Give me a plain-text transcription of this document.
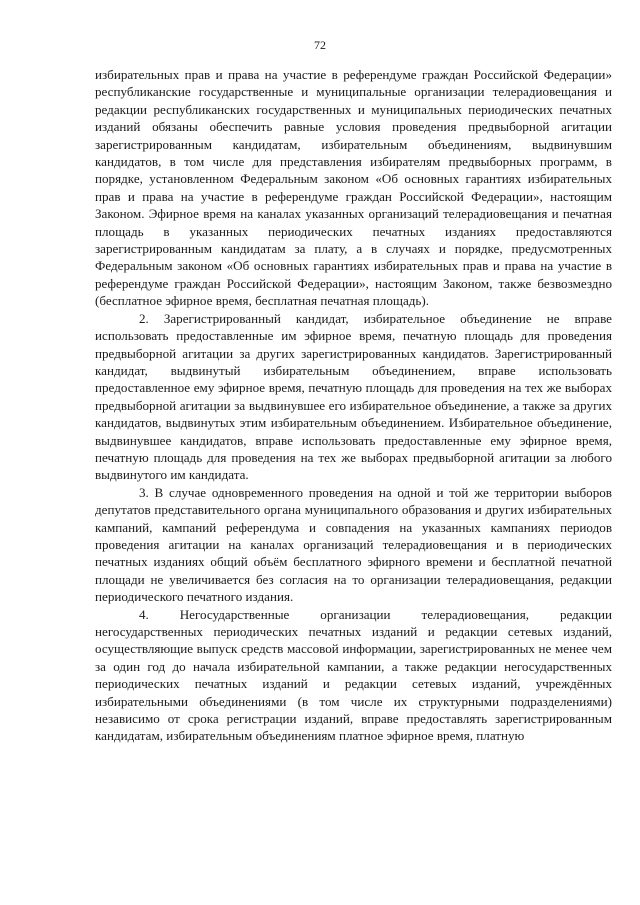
72

избирательных прав и права на участие в референдуме граждан Российской Федерации» республиканские государственные и муниципальные организации телерадиовещания и редакции республиканских государственных и муниципальных периодических печатных изданий обязаны обеспечить равные условия проведения предвыборной агитации зарегистрированным кандидатам, избирательным объединениям, выдвинувшим кандидатов, в том числе для представления избирателям предвыборных программ, в порядке, установленном Федеральным законом «Об основных гарантиях избирательных прав и права на участие в референдуме граждан Российской Федерации», настоящим Законом. Эфирное время на каналах указанных организаций телерадиовещания и печатная площадь в указанных периодических печатных изданиях предоставляются зарегистрированным кандидатам за плату, а в случаях и порядке, предусмотренных Федеральным законом «Об основных гарантиях избирательных прав и права на участие в референдуме граждан Российской Федерации», настоящим Законом, также безвозмездно (бесплатное эфирное время, бесплатная печатная площадь).

2. Зарегистрированный кандидат, избирательное объединение не вправе использовать предоставленные им эфирное время, печатную площадь для проведения предвыборной агитации за других зарегистрированных кандидатов. Зарегистрированный кандидат, выдвинутый избирательным объединением, вправе использовать предоставленное ему эфирное время, печатную площадь для проведения на тех же выборах предвыборной агитации за выдвинувшее его избирательное объединение, а также за других кандидатов, выдвинутых этим избирательным объединением. Избирательное объединение, выдвинувшее кандидатов, вправе использовать предоставленные ему эфирное время, печатную площадь для проведения на тех же выборах предвыборной агитации за любого выдвинутого им кандидата.

3. В случае одновременного проведения на одной и той же территории выборов депутатов представительного органа муниципального образования и других избирательных кампаний, кампаний референдума и совпадения на указанных кампаниях периодов проведения агитации на каналах организаций телерадиовещания и в периодических печатных изданиях общий объём бесплатного эфирного времени и бесплатной печатной площади не увеличивается без согласия на то организации телерадиовещания, редакции периодического печатного издания.

4. Негосударственные организации телерадиовещания, редакции негосударственных периодических печатных изданий и редакции сетевых изданий, осуществляющие выпуск средств массовой информации, зарегистрированных не менее чем за один год до начала избирательной кампании, а также редакции негосударственных периодических печатных изданий и редакции сетевых изданий, учреждённых избирательными объединениями (в том числе их структурными подразделениями) независимо от срока регистрации изданий, вправе предоставлять зарегистрированным кандидатам, избирательным объединениям платное эфирное время, платную
